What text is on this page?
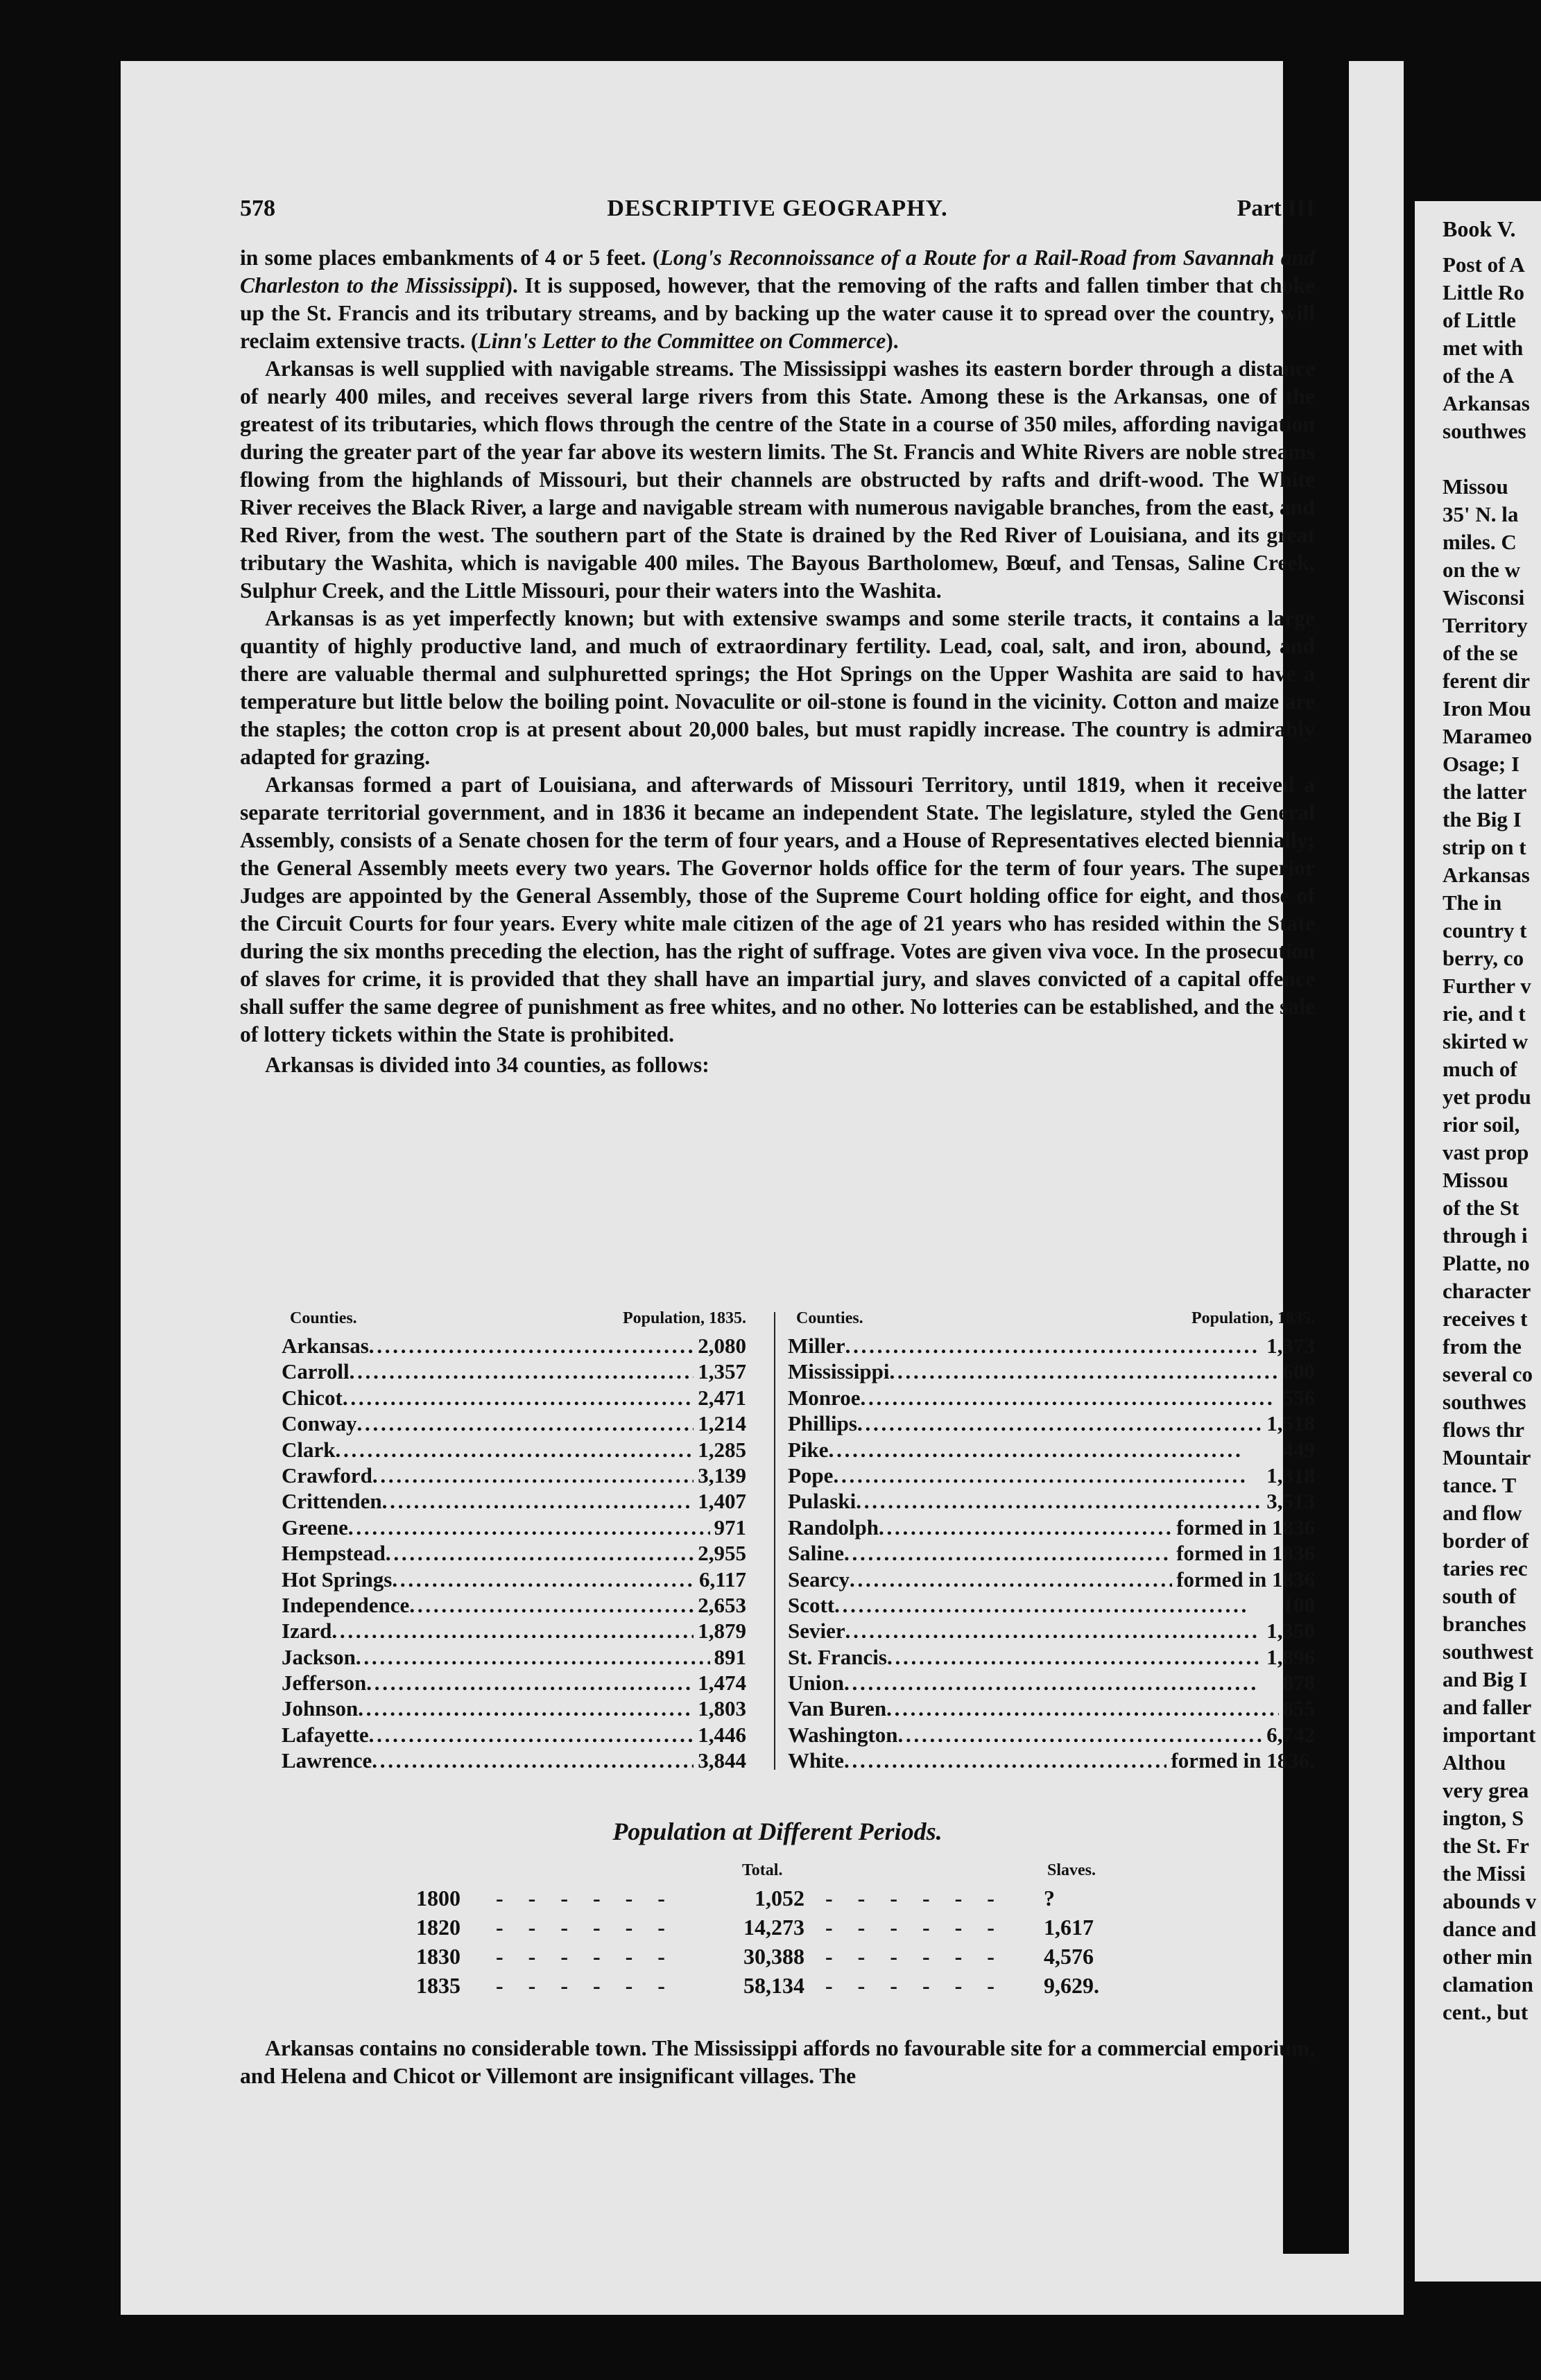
578	DESCRIPTIVE GEOGRAPHY.	Part III

in some places embankments of 4 or 5 feet. (Long's Reconnoissance of a Route for a Rail-Road from Savannah and Charleston to the Mississippi). It is supposed, however, that the removing of the rafts and fallen timber that choke up the St. Francis and its tributary streams, and by backing up the water cause it to spread over the country, will reclaim extensive tracts. (Linn's Letter to the Committee on Commerce).

Arkansas is well supplied with navigable streams. The Mississippi washes its eastern border through a distance of nearly 400 miles, and receives several large rivers from this State. Among these is the Arkansas, one of the greatest of its tributaries, which flows through the centre of the State in a course of 350 miles, affording navigation during the greater part of the year far above its western limits. The St. Francis and White Rivers are noble streams flowing from the highlands of Missouri, but their channels are obstructed by rafts and drift-wood. The White River receives the Black River, a large and navigable stream with numerous navigable branches, from the east, and Red River, from the west. The southern part of the State is drained by the Red River of Louisiana, and its great tributary the Washita, which is navigable 400 miles. The Bayous Bartholomew, Bœuf, and Tensas, Saline Creek, Sulphur Creek, and the Little Missouri, pour their waters into the Washita.

Arkansas is as yet imperfectly known; but with extensive swamps and some sterile tracts, it contains a large quantity of highly productive land, and much of extraordinary fertility. Lead, coal, salt, and iron, abound, and there are valuable thermal and sulphuretted springs; the Hot Springs on the Upper Washita are said to have a temperature but little below the boiling point. Novaculite or oil-stone is found in the vicinity. Cotton and maize are the staples; the cotton crop is at present about 20,000 bales, but must rapidly increase. The country is admirably adapted for grazing.

Arkansas formed a part of Louisiana, and afterwards of Missouri Territory, until 1819, when it received a separate territorial government, and in 1836 it became an independent State. The legislature, styled the General Assembly, consists of a Senate chosen for the term of four years, and a House of Representatives elected biennially; the General Assembly meets every two years. The Governor holds office for the term of four years. The superior Judges are appointed by the General Assembly, those of the Supreme Court holding office for eight, and those of the Circuit Courts for four years. Every white male citizen of the age of 21 years who has resided within the State during the six months preceding the election, has the right of suffrage. Votes are given viva voce. In the prosecution of slaves for crime, it is provided that they shall have an impartial jury, and slaves convicted of a capital offence shall suffer the same degree of punishment as free whites, and no other. No lotteries can be established, and the sale of lottery tickets within the State is prohibited.

Arkansas is divided into 34 counties, as follows:

Counties.	Population, 1835.
Arkansas . . .	2,080
Carroll . . .	1,357
Chicot . . .	2,471
Conway . . .	1,214
Clark . . .	1,285
Crawford . . .	3,139
Crittenden . . .	1,407
Greene . . .	971
Hempstead . . .	2,955
Hot Springs . . .	6,117
Independence . . .	2,653
Izard . . .	1,879
Jackson . . .	891
Jefferson . . .	1,474
Johnson . . .	1,803
Lafayette . . .	1,446
Lawrence . . .	3,844
Counties.	Population, 1835.
Miller . . .	1,373
Mississippi . . .	600
Monroe . . .	556
Phillips . . .	1,518
Pike . . .	449
Pope . . .	1,318
Pulaski . . .	3,513
Randolph . . .	formed in 1836
Saline . . .	formed in 1836
Searcy . . .	formed in 1836
Scott . . .	100
Sevier . . .	1,350
St. Francis . . .	1,896
Union . . .	878
Van Buren . . .	855
Washington . . .	6,742
White . . .	formed in 1836.
Population at Different Periods.
Total.	Slaves.
1800 - - - - - -	1,052 - - - - - - ?
1820 - - - - - -	14,273 - - - - - - 1,617
1830 - - - - - -	30,388 - - - - - - 4,576
1835 - - - - - -	58,134 - - - - - - 9,629.

Arkansas contains no considerable town. The Mississippi affords no favourable site for a commercial emporium, and Helena and Chicot or Villemont are insignificant villages. The

Book V.
Post of A
Little Ro
of Little
met with
of the A
Arkansas
southwes
Missou
35' N. la
miles. C
on the w
Wisconsi
Territory
of the se
ferent dir
Iron Mou
Marameo
Osage; I
the latter
the Big I
strip on t
Arkansas
The in
country t
berry, co
Further v
rie, and t
skirted w
much of
yet produ
rior soil,
vast prop
Missou
of the St
through i
Platte, no
character
receives t
from the
several co
southwes
flows thr
Mountair
tance. T
and flow
border of
taries rec
south of
branches
southwest
and Big I
and faller
important
Althou
very grea
ington, S
the St. Fr
the Missi
abounds v
dance and
other min
clamation
cent., but
